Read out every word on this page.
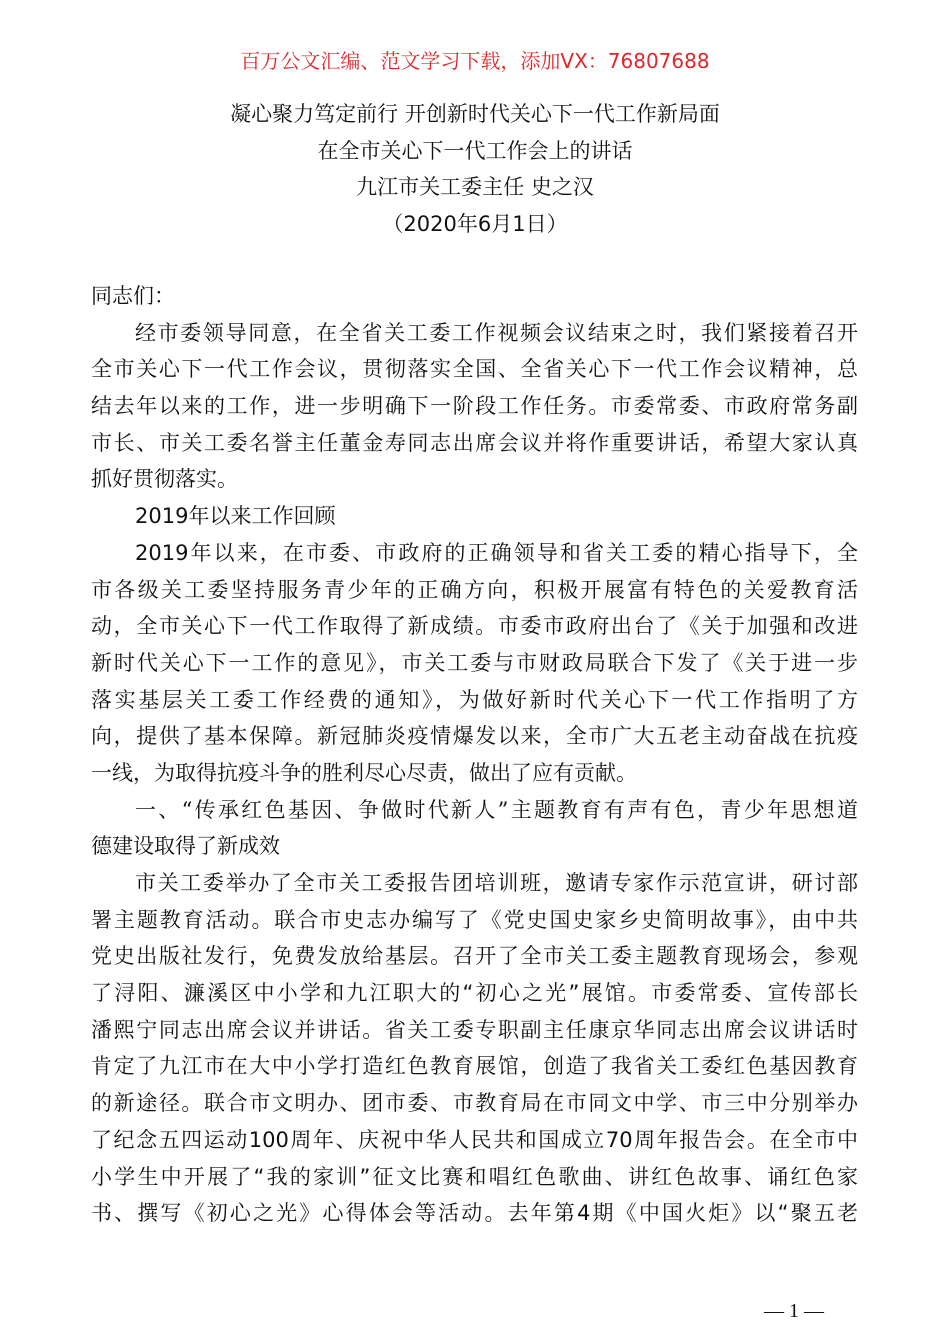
百万公文汇编、范文学习下载，添加VX：76807688
凝心聚力笃定前行 开创新时代关心下一代工作新局面
在全市关心下一代工作会上的讲话
九江市关工委主任 史之汉
（2020年6月1日）
同志们：
经市委领导同意，在全省关工委工作视频会议结束之时，我们紧接着召开
全市关心下一代工作会议，贯彻落实全国、全省关心下一代工作会议精神，总
结去年以来的工作，进一步明确下一阶段工作任务。市委常委、市政府常务副
市长、市关工委名誉主任董金寿同志出席会议并将作重要讲话，希望大家认真
抓好贯彻落实。
2019年以来工作回顾
2019年以来，在市委、市政府的正确领导和省关工委的精心指导下，全
市各级关工委坚持服务青少年的正确方向，积极开展富有特色的关爱教育活
动，全市关心下一代工作取得了新成绩。市委市政府出台了《关于加强和改进
新时代关心下一工作的意见》，市关工委与市财政局联合下发了《关于进一步
落实基层关工委工作经费的通知》，为做好新时代关心下一代工作指明了方
向，提供了基本保障。新冠肺炎疫情爆发以来，全市广大五老主动奋战在抗疫
一线，为取得抗疫斗争的胜利尽心尽责，做出了应有贡献。
一、“传承红色基因、争做时代新人”主题教育有声有色，青少年思想道
德建设取得了新成效
市关工委举办了全市关工委报告团培训班，邀请专家作示范宣讲，研讨部
署主题教育活动。联合市史志办编写了《党史国史家乡史简明故事》，由中共
党史出版社发行，免费发放给基层。召开了全市关工委主题教育现场会，参观
了浔阳、濂溪区中小学和九江职大的“初心之光”展馆。市委常委、宣传部长
潘熙宁同志出席会议并讲话。省关工委专职副主任康京华同志出席会议讲话时
肯定了九江市在大中小学打造红色教育展馆，创造了我省关工委红色基因教育
的新途径。联合市文明办、团市委、市教育局在市同文中学、市三中分别举办
了纪念五四运动100周年、庆祝中华人民共和国成立70周年报告会。在全市中
小学生中开展了“我的家训”征文比赛和唱红色歌曲、讲红色故事、诵红色家
书、撰写《初心之光》心得体会等活动。去年第4期《中国火炬》以“聚五老
— 1 —
